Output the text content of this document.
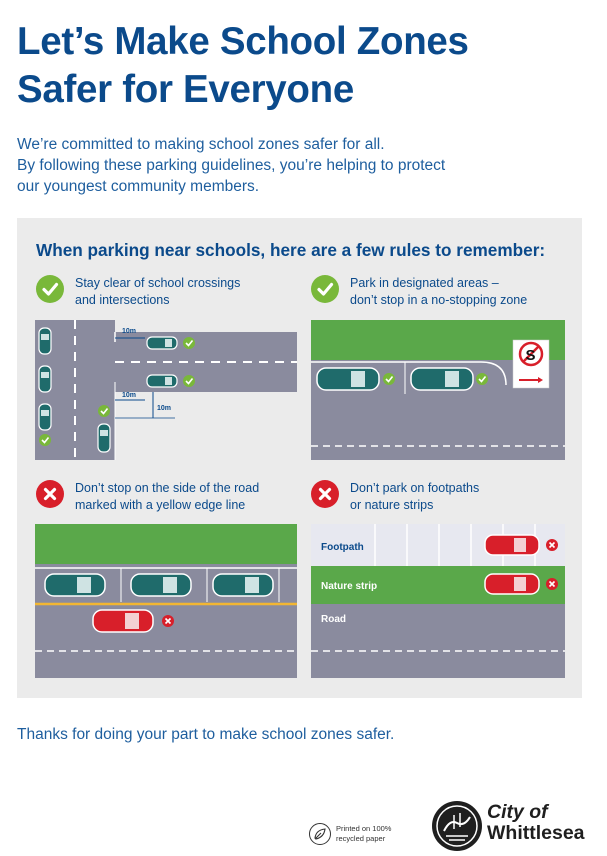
Let’s Make School Zones
Safer for Everyone
We’re committed to making school zones safer for all.
By following these parking guidelines, you’re helping to protect
our youngest community members.
When parking near schools, here are a few rules to remember:
Stay clear of school crossings
and intersections
Park in designated areas –
don’t stop in a no-stopping zone
Don’t stop on the side of the road
marked with a yellow edge line
Don’t park on footpaths
or nature strips
10m
10m
10m
S
Footpath
Nature strip
Road
Thanks for doing your part to make school zones safer.
Printed on 100%
recycled paper
City of
Whittlesea
